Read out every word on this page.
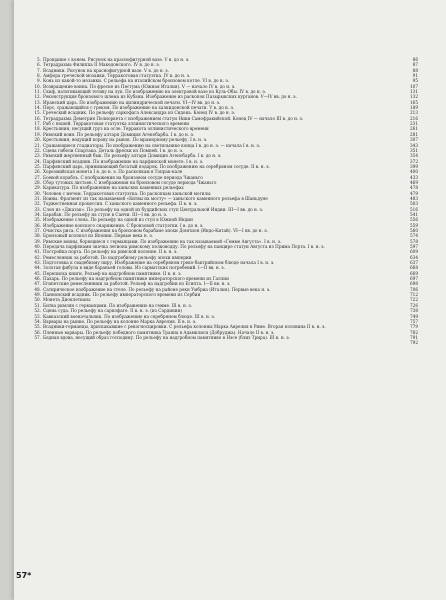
5. Прощание с конем. Рисунок на краснофигурной вазе. V в. до н. э.	86
6. Тетрадрахма Филиппа II Македонского. IV в. до н. э.	87
7. Всадники. Рисунок на краснофигурной вазе. V в. до н. э.	88
8. Амфора греческой мозаики. Терракотовая статуэтка. IV в. до н. э.	91
9. Конь из какой-то мозаики. С рельефа на италийском бронзовом котле. VI в. до н. э.	95
10. Возвращение воина. По фреске из Пестума (Южная Италия). V — начало IV в. до н. э.	107
11. Скиф, натягивающий тетиву на лук. По изображению на электровой вазе из Куль-Обы. IV в. до н. э.	131
12. Реконструкция бронзового шлема из Кубани. Изображение из раскопок Пазырыкских курганов. V—IV вв. до н. э.	132
13. Иранский царь. По изображению на цилиндрической печати. VI—IV вв. до н. э.	165
14. Перс, сражающийся с греком. По изображению на халкидонской печати. V в. до н. э.	189
15. Греческий всадник. По рельефу саркофага Александра из Сидона. Конец IV в. до н. э.	213
16. Тетрадрахма Деметрия Полиоркета с изображением статуи Ники Самофракийской. Конец IV — начало III в. до н. э.	216
17. Раб с ношей. Терракотовая статуэтка эллинистического времени	231
18. Крестьянин, несущий груз на осле. Терракота эллинистического времени	261
19. Римский воин. По рельефу алтаря Домиция Агенобарба. I в. до н. э.	281
20. Крестьянин, ведущий корову на рынок. По мраморному рельефу. I в. н. э.	307
21. Сражающиеся гладиаторы. По изображению на светильнике конца I в. до н. э. — начала I в. н. э.	343
22. Сцена гибели Спартака. Деталь фрески из Помпей. I в. до н. э.	351
23. Римский жертвенный бык. По рельефу алтаря Домиция Агенобарба. I в. до н. э.	354
24. Парфянский всадник. По изображению на парфянской монете. I в. н. э.	372
25. Парфянский царь, принимающий богатый подарок. По изображению на серебряном сосуде. II в. н. э.	399
26. Хорезмийская монета I в. до н. э. По раскопкам в Топрак-кале	400
27. Боевой корабль. С изображения на бронзовом сосуде периода Чжаньго	433
28. Сбор тутовых листьев. С изображения на бронзовом сосуде периода Чжаньго	469
29. Карикатура. По изображению на ханьских каменных рельефах	478
30. Человек с мечом. Терракотовая статуэтка. По раскопкам ханьской могилы	479
31. Воины. Фрагмент из так называемой «Битвы на мосту» — ханьского каменного рельефа в Шаньдуне	483
32. Торжественная процессия. С ханьского каменного рельефа. II в. н. э.	503
33. Слон из «Джатак». По рельефу на одной из буддийских ступ Центральной Индии. III—I вв. до н. э.	516
34. Барабан. По рельефу на ступе в Санчи. III—I вв. до н. э.	541
35. Изображение слона. По рельефу на одной из ступ в Южной Индии	556
36. Изображение конского снаряжения. С бронзовой статуэтки. I в. до н. э.	559
37. Очистка риса. С изображения на бронзовом барабане эпохи Донгшон (Индо-Китай). VI—I вв. до н. э.	560
38. Бронзовый колокол из Японии. Первые века н. э.	574
39. Римские воины, борющиеся с германцами. По изображению на так называемой «Гемме Августа». I в. н. э.	578
40. Передача парфянами значка легиона римскому полководцу. По рельефу на панцире статуи Августа из Прима Порта. I в. н. э.	597
41. Постройка порта. По рельефу на римской колонне. II в. н. э.	609
42. Ремесленник за работой. По надгробному рельефу эпохи империи	634
43. Подготовка к свадебному пиру. Изображение на серебряном греко-бактрийском блюде начала I в. н. э.	637
44. Золотая фибула в виде бараньей головы. Из сарматских погребений. I—II вв. н. э.	668
45. Переписка книги. Рельеф на надгробном памятнике. II в. н. э.	669
46. Пахарь. По рельефу на надгробном памятнике императорского времени из Галлии	697
47. Египетские ремесленники за работой. Рельеф на надгробии из Египта. I—II вв. н. э.	698
48. Сатирическое изображение на стеле. По рельефу на районе реки Умбриа (Италия). Первые века н. э.	706
49. Паннонский всадник. По рельефу императорского времени из Сербии	712
50. Монета Диоклетиана	722
51. Битва римлян с германцами. По изображению на гемме. III в. н. э.	726
52. Сцена суда. По рельефу на саркофаге. II в. н. э. (из Сардинии)	738
53. Кавказский военачальник. По изображению на серебряном блюде. III в. н. э.	749
54. Варвары на рынке. По рельефу на колонне Марка Аврелия. II в. н. э.	757
55. Всадники-германцы, прискакавшие с рекогносцировки. С рельефа колонны Марка Аврелия в Риме. Вторая половина II в. н. э.	779
56. Пленные варвары. По рельефу победного памятника Траяна в Адамклиси (Добруджа). Начало II в. н. э.	782
57. Бедная вдова, несущий образ господину. По рельефу на надгробном памятнике в Нэсе (близ Трира). III в. н. э.	791
792
57*
